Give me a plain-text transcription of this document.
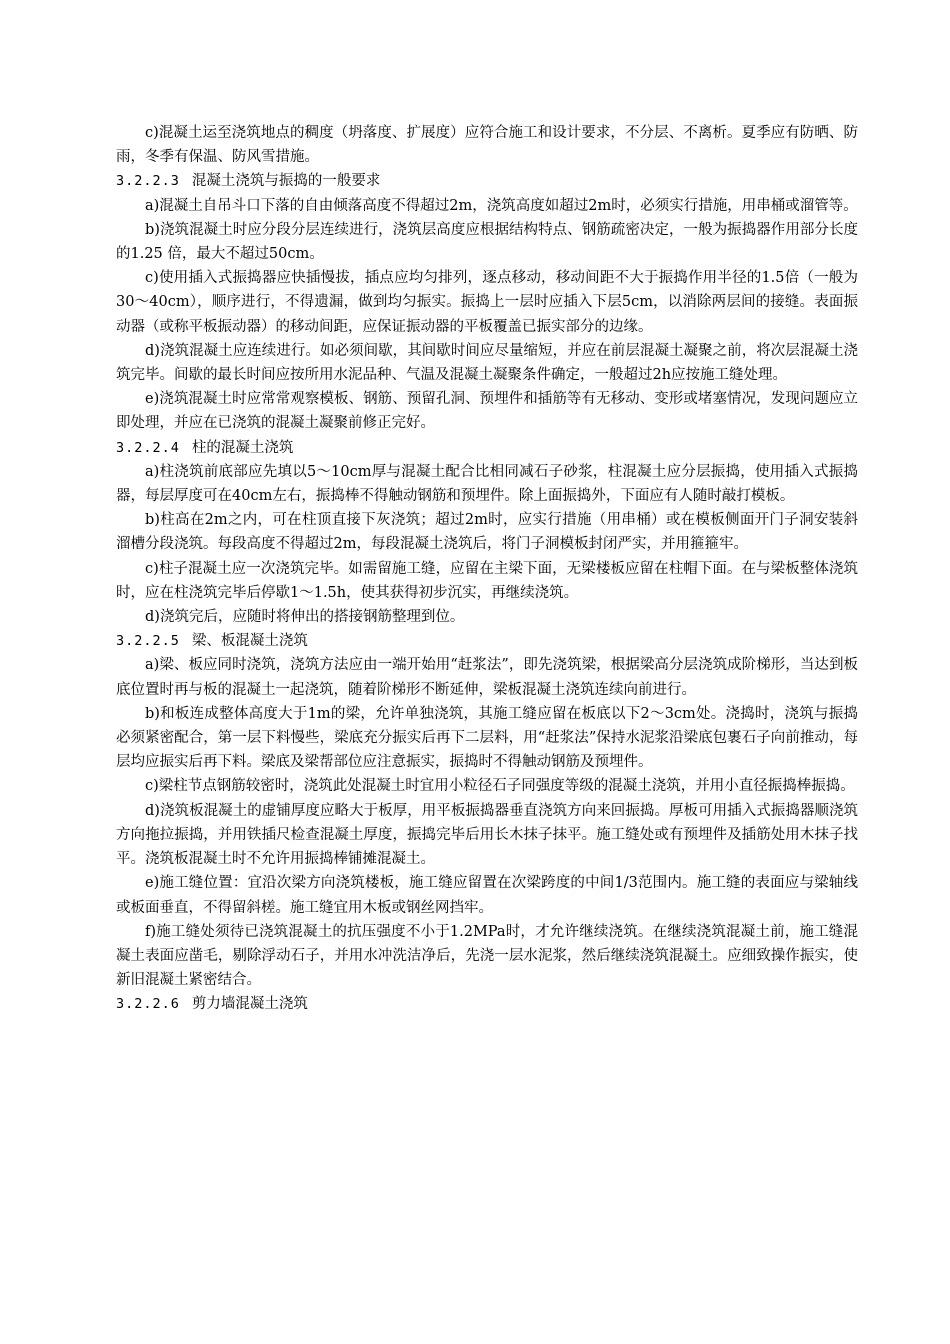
c)混凝土运至浇筑地点的稠度（坍落度、扩展度）应符合施工和设计要求，不分层、不离析。夏季应有防晒、防雨，冬季有保温、防风雪措施。

3.2.2.3 混凝土浇筑与振捣的一般要求

a)混凝土自吊斗口下落的自由倾落高度不得超过2m，浇筑高度如超过2m时，必须实行措施，用串桶或溜管等。

b)浇筑混凝土时应分段分层连续进行，浇筑层高度应根据结构特点、钢筋疏密决定，一般为振捣器作用部分长度的1.25 倍，最大不超过50cm。

c)使用插入式振捣器应快插慢拔，插点应均匀排列，逐点移动，移动间距不大于振捣作用半径的1.5倍（一般为30～40cm），顺序进行，不得遗漏，做到均匀振实。振捣上一层时应插入下层5cm，以消除两层间的接缝。表面振动器（或称平板振动器）的移动间距，应保证振动器的平板覆盖已振实部分的边缘。

d)浇筑混凝土应连续进行。如必须间歇，其间歇时间应尽量缩短，并应在前层混凝土凝聚之前，将次层混凝土浇筑完毕。间歇的最长时间应按所用水泥品种、气温及混凝土凝聚条件确定，一般超过2h应按施工缝处理。

e)浇筑混凝土时应常常观察模板、钢筋、预留孔洞、预埋件和插筋等有无移动、变形或堵塞情况，发现问题应立即处理，并应在已浇筑的混凝土凝聚前修正完好。

3.2.2.4 柱的混凝土浇筑

a)柱浇筑前底部应先填以5～10cm厚与混凝土配合比相同减石子砂浆，柱混凝土应分层振捣，使用插入式振捣器，每层厚度可在40cm左右，振捣棒不得触动钢筋和预埋件。除上面振捣外，下面应有人随时敲打模板。

b)柱高在2m之内，可在柱顶直接下灰浇筑；超过2m时，应实行措施（用串桶）或在模板侧面开门子洞安装斜溜槽分段浇筑。每段高度不得超过2m，每段混凝土浇筑后，将门子洞模板封闭严实，并用箍箍牢。

c)柱子混凝土应一次浇筑完毕。如需留施工缝，应留在主梁下面，无梁楼板应留在柱帽下面。在与梁板整体浇筑时，应在柱浇筑完毕后停歇1～1.5h，使其获得初步沉实，再继续浇筑。

d)浇筑完后，应随时将伸出的搭接钢筋整理到位。

3.2.2.5 梁、板混凝土浇筑

a)梁、板应同时浇筑，浇筑方法应由一端开始用“赶浆法”，即先浇筑梁，根据梁高分层浇筑成阶梯形，当达到板底位置时再与板的混凝土一起浇筑，随着阶梯形不断延伸，梁板混凝土浇筑连续向前进行。

b)和板连成整体高度大于1m的梁，允许单独浇筑，其施工缝应留在板底以下2～3cm处。浇捣时，浇筑与振捣必须紧密配合，第一层下料慢些，梁底充分振实后再下二层料，用“赶浆法”保持水泥浆沿梁底包裹石子向前推动，每层均应振实后再下料。梁底及梁帮部位应注意振实，振捣时不得触动钢筋及预埋件。

c)梁柱节点钢筋较密时，浇筑此处混凝土时宜用小粒径石子同强度等级的混凝土浇筑，并用小直径振捣棒振捣。

d)浇筑板混凝土的虚铺厚度应略大于板厚，用平板振捣器垂直浇筑方向来回振捣。厚板可用插入式振捣器顺浇筑方向拖拉振捣，并用铁插尺检查混凝土厚度，振捣完毕后用长木抹子抹平。施工缝处或有预埋件及插筋处用木抹子找平。浇筑板混凝土时不允许用振捣棒铺摊混凝土。

e)施工缝位置：宜沿次梁方向浇筑楼板，施工缝应留置在次梁跨度的中间1/3范围内。施工缝的表面应与梁轴线或板面垂直，不得留斜槎。施工缝宜用木板或钢丝网挡牢。

f)施工缝处须待已浇筑混凝土的抗压强度不小于1.2MPa时，才允许继续浇筑。在继续浇筑混凝土前，施工缝混凝土表面应凿毛，剔除浮动石子，并用水冲洗洁净后，先浇一层水泥浆，然后继续浇筑混凝土。应细致操作振实，使新旧混凝土紧密结合。

3.2.2.6 剪力墙混凝土浇筑
